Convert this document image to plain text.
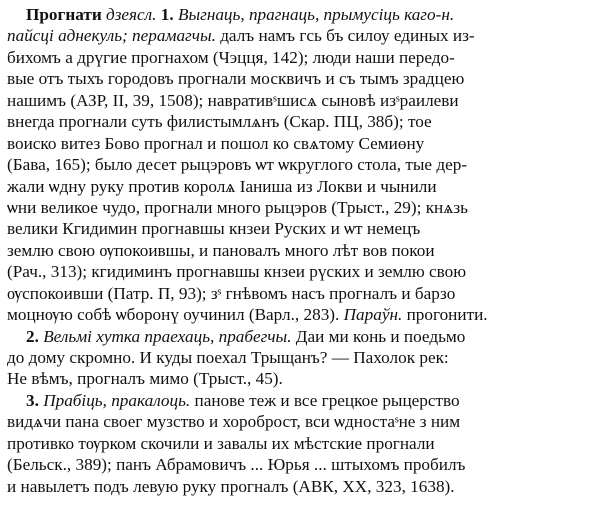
Прогнати дзеясл. 1. Выгнаць, прагнаць, прымусіць каго-н.
пайсці аднекуль; перамагчы. далъ намъ гсь бъ силоу единых из-
бихомъ а дрүгие прогнахом (Чэцця, 142); люди наши передо-
вые отъ тыхъ городовъ прогнали москвичъ и съ тымъ зрадцею
нашимъ (АЗР, II, 39, 1508); навративˢшисѧ сыновѣ изˢраилеви
внегда прогнали суть филистымлѧнъ (Скар. ПЦ, 38б); тое
воиско витез Бово прогнал и пошол ко свѧтому Семиөну
(Бава, 165); было десет рыцэровъ ѡт ѡкруглого стола, тые дер-
жали ѡдну руку против королѧ Іаниша из Локви и чынили
ѡни великое чудо, прогнали много рыцэров (Трыст., 29); кнѧзь
велики Кгидимин прогнавшы кнзеи Руских и ѡт немецъ
землю свою ѹпокоившы, и пановалъ много лѣт вов покои
(Рач., 313); кгидиминъ прогнавшы кнзеи рүских и землю свою
ѹспокоивши (Патр. П, 93); зˢ гнѣвомъ насъ прогналъ и барзо
моцнѹю собѣ ѡборонү оучинил (Варл., 283). Параўн. прогонити.
2. Вельмі хутка праехаць, прабегчы. Даи ми конь и поедьмо
до дому скромно. И куды поехал Трыщанъ? — Пахолок рек:
Не вѣмъ, прогналъ мимо (Трыст., 45).
3. Прабіць, пракалоць. панове теж и все грецкое рыцерство
видѧчи пана своег музство и хороброст, вси ѡдностаˢне з ним
противко тѹрком скочили и завалы их мѣстские прогнали
(Бельск., 389); панъ Абрамовичъ ... Юрья ... штыхомъ пробилъ
и навылетъ подъ левую руку прогналъ (АВК, XX, 323, 1638).
